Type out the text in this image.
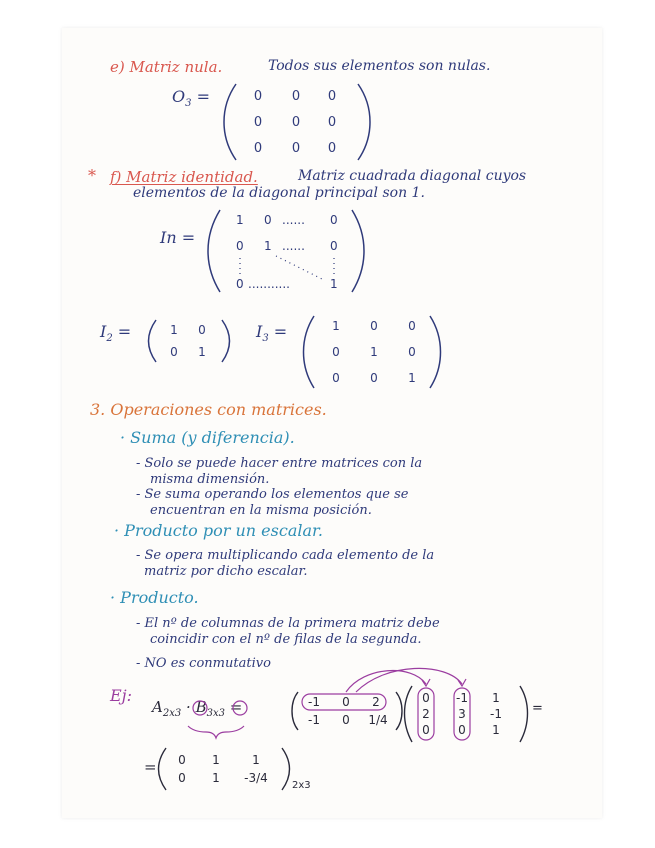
e) Matriz nula.	Todos sus elementos son nulas.
$O_3$ =	0 0 0
0 0 0
0 0 0
* f) Matriz identidad.	Matriz cuadrada diagonal cuyos
elementos de la diagonal principal son 1.
In =
1 0 ...... 0
0 1 ...... 0
0 ...........	1
$I_2$ =	1 0
0 1
$I_3$ =	1	0	0
0	1	0
0	0	1
3. Operaciones con matrices.
· Suma (y diferencia).
- Solo se puede hacer entre matrices con la
misma dimensión.
- Se suma operando los elementos que se
encuentran en la misma posición.
· Producto por un escalar.
- Se opera multiplicando cada elemento de la
matriz por dicho escalar.
· Producto.
- El nº de columnas de la primera matriz debe
coincidir con el nº de filas de la segunda.
- NO es conmutativo
Ej:
$A_{2x3} \cdot B_{3x3}$ =	-1 0 2
-1 0 1/4
0 -1 1
2 3 -1
0 0 1
=
= 0 1	1
0 1 -3/4
2x3
